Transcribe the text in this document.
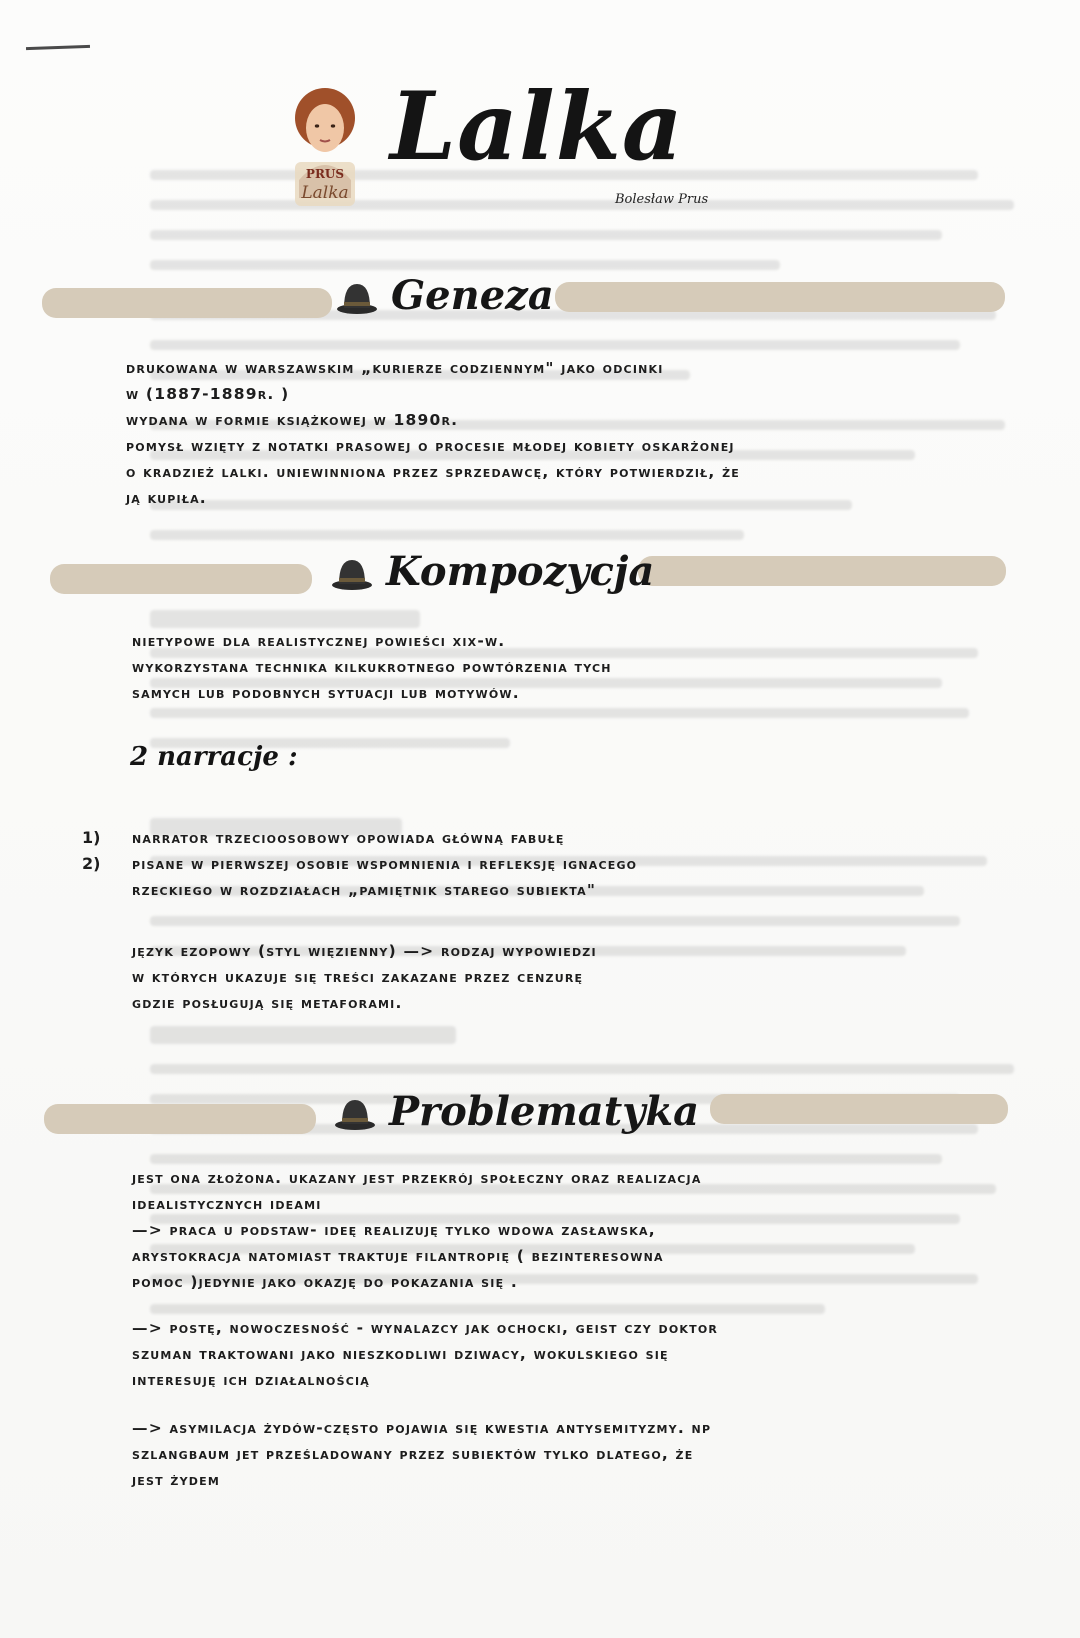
PRUS
Lalka
Lalka
Bolesław Prus
Geneza

drukowana w warszawskim „kurierze codziennym" jako odcinki

w (1887-1889r. )

wydana w formie książkowej w 1890r.

pomysł wzięty z notatki prasowej o procesie młodej kobiety oskarżonej

o kradzież lalki. uniewinniona przez sprzedawcę, który potwierdził, że

ją kupiła.

Kompozycja

nietypowe dla realistycznej powieści xix-w.

wykorzystana technika kilkukrotnego powtórzenia tych

samych lub podobnych sytuacji lub motywów.

2 narracje :
1) narrator trzecioosobowy opowiada główną fabułę

2) pisane w pierwszej osobie wspomnienia i refleksję ignacego

rzeckiego w rozdziałach „pamiętnik starego subiekta"

język ezopowy (styl więzienny) —> rodzaj wypowiedzi

w których ukazuje się treści zakazane przez cenzurę

gdzie posługują się metaforami.

Problematyka

jest ona złożona. ukazany jest przekrój społeczny oraz realizacja

idealistycznych ideami

—> praca u podstaw- ideę realizuję tylko wdowa zasławska,

arystokracja natomiast traktuje filantropię ( bezinteresowna

pomoc )jedynie jako okazję do pokazania się .

—> postę, nowoczesność - wynalazcy jak ochocki, geist czy doktor

szuman traktowani jako nieszkodliwi dziwacy, wokulskiego się

interesuję ich działalnością

—> asymilacja żydów-często pojawia się kwestia antysemityzmy. np

szlangbaum jet prześladowany przez subiektów tylko dlatego, że

jest żydem
